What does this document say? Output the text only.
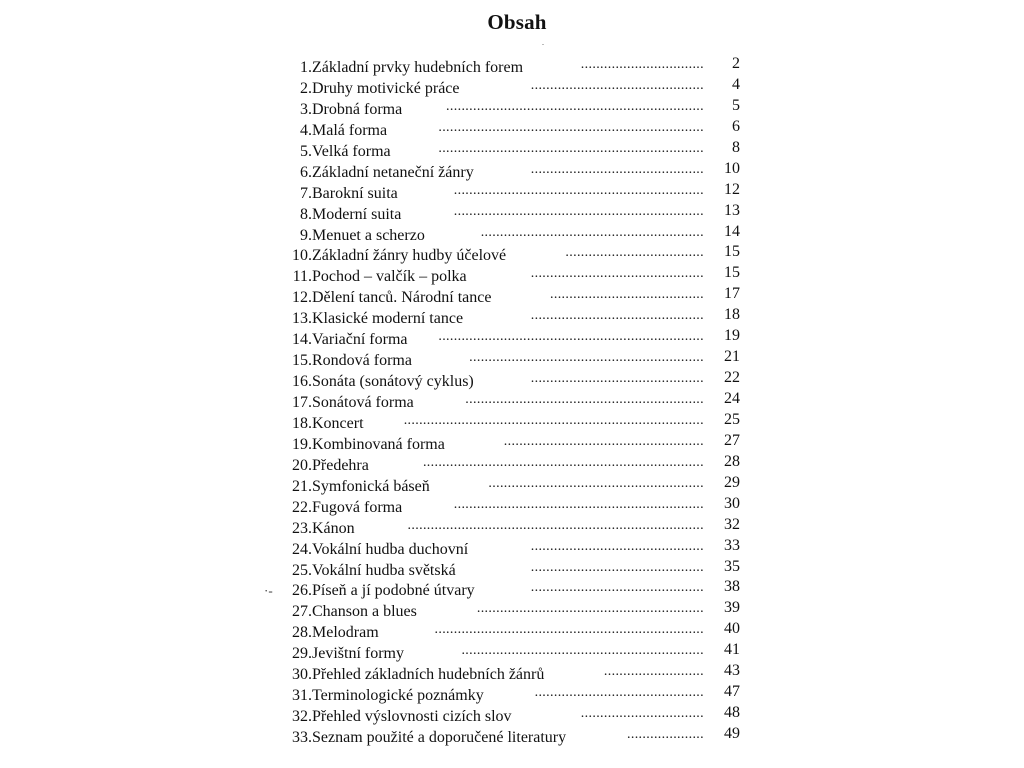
Obsah
·‐
1. Základní prvky hudebních forem	................................	2
2. Druhy motivické práce	.............................................	4
3. Drobná forma	...................................................................	5
4. Malá forma	.....................................................................	6
5. Velká forma	.....................................................................	8
6. Základní netaneční žánry	.............................................	10
7. Barokní suita	.................................................................	12
8. Moderní suita	.................................................................	13
9. Menuet a scherzo	..........................................................	14
10. Základní žánry hudby účelové	....................................	15
11. Pochod – valčík – polka	.............................................	15
12. Dělení tanců. Národní tance	........................................	17
13. Klasické moderní tance	.............................................	18
14. Variační forma	.....................................................................	19
15. Rondová forma	.............................................................	21
16. Sonáta (sonátový cyklus)	.............................................	22
17. Sonátová forma	..............................................................	24
18. Koncert	..............................................................................	25
19. Kombinovaná forma	....................................................	27
20. Předehra	.........................................................................	28
21. Symfonická báseň	........................................................	29
22. Fugová forma	.................................................................	30
23. Kánon	.............................................................................	32
24. Vokální hudba duchovní	.............................................	33
25. Vokální hudba světská	.............................................	35
26. Píseň a jí podobné útvary	.............................................	38
27. Chanson a blues	...........................................................	39
28. Melodram	......................................................................	40
29. Jevištní formy	...............................................................	41
30. Přehled základních hudebních žánrů	..........................	43
31. Terminologické poznámky	............................................	47
32. Přehled výslovnosti cizích slov	................................	48
33. Seznam použité a doporučené literatury	....................	49
